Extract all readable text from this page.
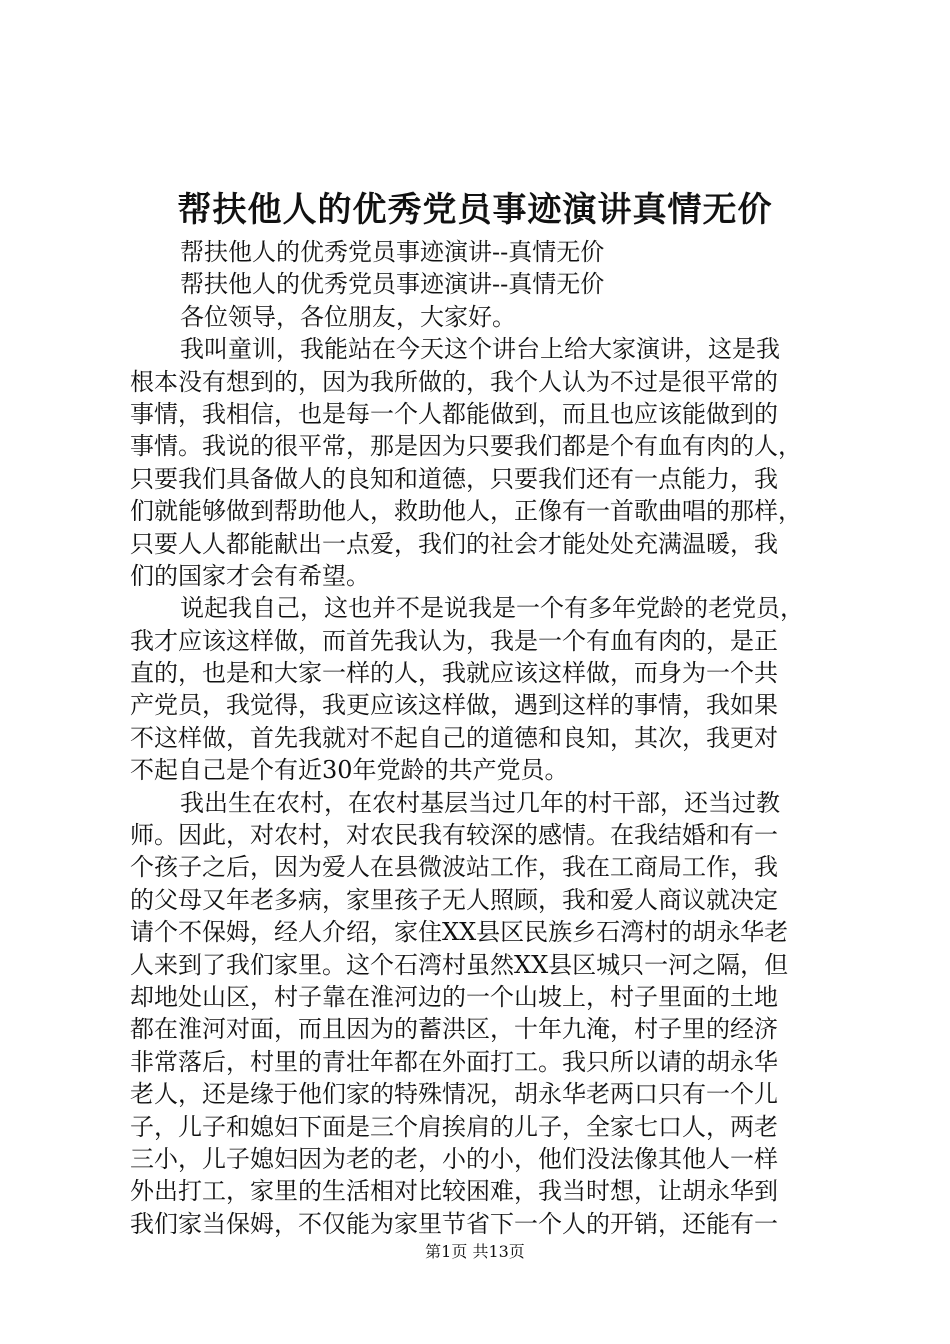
帮扶他人的优秀党员事迹演讲真情无价
帮扶他人的优秀党员事迹演讲--真情无价
帮扶他人的优秀党员事迹演讲--真情无价
各位领导，各位朋友，大家好。
我叫童训，我能站在今天这个讲台上给大家演讲，这是我
根本没有想到的，因为我所做的，我个人认为不过是很平常的
事情，我相信，也是每一个人都能做到，而且也应该能做到的
事情。我说的很平常，那是因为只要我们都是个有血有肉的人，
只要我们具备做人的良知和道德，只要我们还有一点能力，我
们就能够做到帮助他人，救助他人，正像有一首歌曲唱的那样，
只要人人都能献出一点爱，我们的社会才能处处充满温暖，我
们的国家才会有希望。
说起我自己，这也并不是说我是一个有多年党龄的老党员，
我才应该这样做，而首先我认为，我是一个有血有肉的，是正
直的，也是和大家一样的人，我就应该这样做，而身为一个共
产党员，我觉得，我更应该这样做，遇到这样的事情，我如果
不这样做，首先我就对不起自己的道德和良知，其次，我更对
不起自己是个有近30年党龄的共产党员。
我出生在农村，在农村基层当过几年的村干部，还当过教
师。因此，对农村，对农民我有较深的感情。在我结婚和有一
个孩子之后，因为爱人在县微波站工作，我在工商局工作，我
的父母又年老多病，家里孩子无人照顾，我和爱人商议就决定
请个不保姆，经人介绍，家住XX县区民族乡石湾村的胡永华老
人来到了我们家里。这个石湾村虽然XX县区城只一河之隔，但
却地处山区，村子靠在淮河边的一个山坡上，村子里面的土地
都在淮河对面，而且因为的蓄洪区，十年九淹，村子里的经济
非常落后，村里的青壮年都在外面打工。我只所以请的胡永华
老人，还是缘于他们家的特殊情况，胡永华老两口只有一个儿
子，儿子和媳妇下面是三个肩挨肩的儿子，全家七口人，两老
三小，儿子媳妇因为老的老，小的小，他们没法像其他人一样
外出打工，家里的生活相对比较困难，我当时想，让胡永华到
我们家当保姆，不仅能为家里节省下一个人的开销，还能有一
第1页 共13页
